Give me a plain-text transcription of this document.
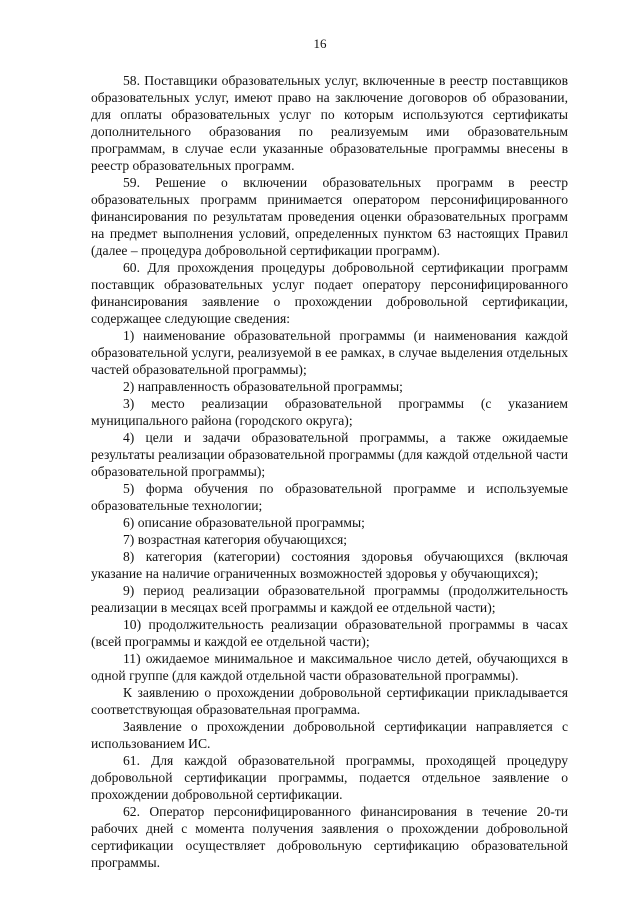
16

58. Поставщики образовательных услуг, включенные в реестр поставщиков образовательных услуг, имеют право на заключение договоров об образовании, для оплаты образовательных услуг по которым используются сертификаты дополнительного образования по реализуемым ими образовательным программам, в случае если указанные образовательные программы внесены в реестр образовательных программ.

59. Решение о включении образовательных программ в реестр образовательных программ принимается оператором персонифицированного финансирования по результатам проведения оценки образовательных программ на предмет выполнения условий, определенных пунктом 63 настоящих Правил (далее – процедура добровольной сертификации программ).

60. Для прохождения процедуры добровольной сертификации программ поставщик образовательных услуг подает оператору персонифицированного финансирования заявление о прохождении добровольной сертификации, содержащее следующие сведения:

1) наименование образовательной программы (и наименования каждой образовательной услуги, реализуемой в ее рамках, в случае выделения отдельных частей образовательной программы);

2) направленность образовательной программы;

3) место реализации образовательной программы (с указанием муниципального района (городского округа);

4) цели и задачи образовательной программы, а также ожидаемые результаты реализации образовательной программы (для каждой отдельной части образовательной программы);

5) форма обучения по образовательной программе и используемые образовательные технологии;

6) описание образовательной программы;

7) возрастная категория обучающихся;

8) категория (категории) состояния здоровья обучающихся (включая указание на наличие ограниченных возможностей здоровья у обучающихся);

9) период реализации образовательной программы (продолжительность реализации в месяцах всей программы и каждой ее отдельной части);

10) продолжительность реализации образовательной программы в часах (всей программы и каждой ее отдельной части);

11) ожидаемое минимальное и максимальное число детей, обучающихся в одной группе (для каждой отдельной части образовательной программы).

К заявлению о прохождении добровольной сертификации прикладывается соответствующая образовательная программа.

Заявление о прохождении добровольной сертификации направляется с использованием ИС.

61. Для каждой образовательной программы, проходящей процедуру добровольной сертификации программы, подается отдельное заявление о прохождении добровольной сертификации.

62. Оператор персонифицированного финансирования в течение 20-ти рабочих дней с момента получения заявления о прохождении добровольной сертификации осуществляет добровольную сертификацию образовательной программы.
